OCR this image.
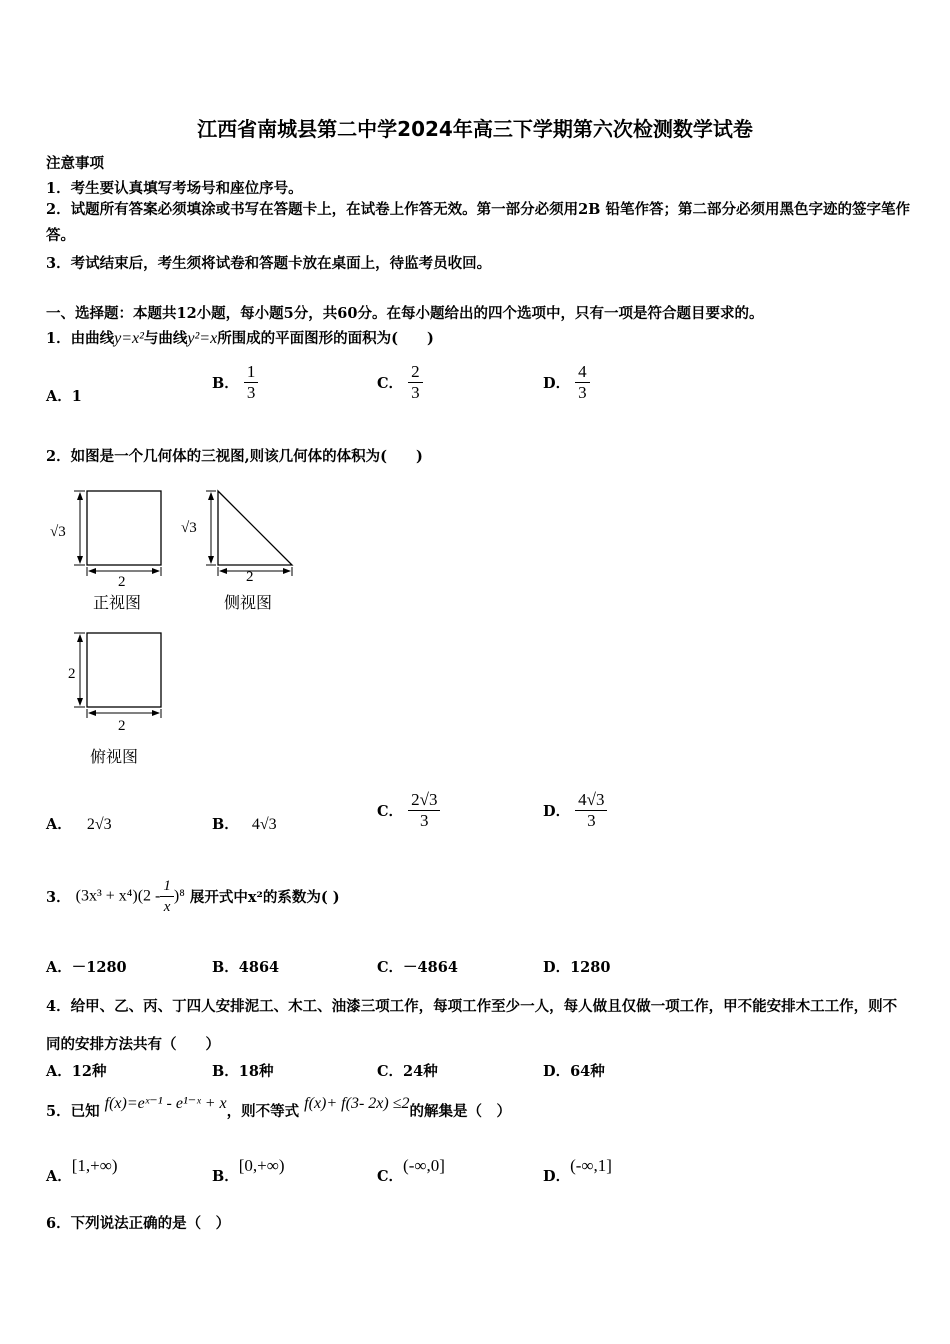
江西省南城县第二中学2024年高三下学期第六次检测数学试卷
注意事项
1．考生要认真填写考场号和座位序号。
2．试题所有答案必须填涂或书写在答题卡上，在试卷上作答无效。第一部分必须用2B 铅笔作答；第二部分必须用黑色字迹的签字笔作答。
3．考试结束后，考生须将试卷和答题卡放在桌面上，待监考员收回。
一、选择题：本题共12小题，每小题5分，共60分。在每小题给出的四个选项中，只有一项是符合题目要求的。
1．由曲线y=x²与曲线y²=x所围成的平面图形的面积为(　　)
A．1
B． $\frac{1}{3}$	C． $\frac{2}{3}$	D． $\frac{4}{3}$
2．如图是一个几何体的三视图,则该几何体的体积为(　　)
√3
2
正视图
√3
2
侧视图
2
2
俯视图
A． 2√3	B． 4√3
C． $\frac{2√3}{3}$	D． $\frac{4√3}{3}$
3． $(3x^3 + x^4)(2 - \frac{1}{x} )^8$ 展开式中x²的系数为( )
A．－1280	B．4864	C．－4864	D．1280
4．给甲、乙、丙、丁四人安排泥工、木工、油漆三项工作，每项工作至少一人，每人做且仅做一项工作，甲不能安排木工工作，则不同的安排方法共有（　　）
A．12种	B．18种	C．24种	D．64种
5．已知 f(x)=eˣ⁻¹ - e¹⁻ˣ + x，则不等式 f(x)+ f(3- 2x) ≤2的解集是（　）
A．[1,+∞)
B．[0,+∞)
C．(-∞,0]
D．(-∞,1]
6．下列说法正确的是（　）
